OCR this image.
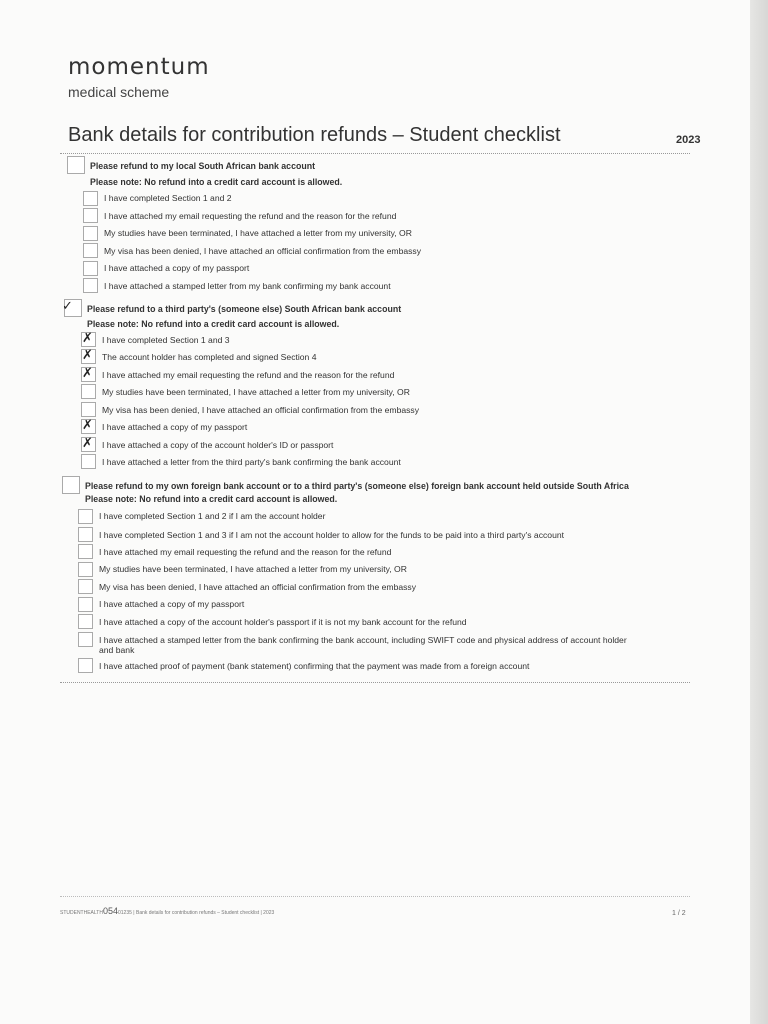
momentum
medical scheme
Bank details for contribution refunds – Student checklist	2023
Please refund to my local South African bank account
Please note: No refund into a credit card account is allowed.
I have completed Section 1 and 2
I have attached my email requesting the refund and the reason for the refund
My studies have been terminated, I have attached a letter from my university, OR
My visa has been denied, I have attached an official confirmation from the embassy
I have attached a copy of my passport
I have attached a stamped letter from my bank confirming my bank account
✓ Please refund to a third party's (someone else) South African bank account
Please note: No refund into a credit card account is allowed.
✗ I have completed Section 1 and 3
✗ The account holder has completed and signed Section 4
✗ I have attached my email requesting the refund and the reason for the refund
My studies have been terminated, I have attached a letter from my university, OR
My visa has been denied, I have attached an official confirmation from the embassy
✗ I have attached a copy of my passport
✗ I have attached a copy of the account holder's ID or passport
I have attached a letter from the third party's bank confirming the bank account
Please refund to my own foreign bank account or to a third party's (someone else) foreign bank account held outside South Africa
Please note: No refund into a credit card account is allowed.
I have completed Section 1 and 2 if I am the account holder
I have completed Section 1 and 3 if I am not the account holder to allow for the funds to be paid into a third party's account
I have attached my email requesting the refund and the reason for the refund
My studies have been terminated, I have attached a letter from my university, OR
My visa has been denied, I have attached an official confirmation from the embassy
I have attached a copy of my passport
I have attached a copy of the account holder's passport if it is not my bank account for the refund
I have attached a stamped letter from the bank confirming the bank account, including SWIFT code and physical address of account holder
and bank
I have attached proof of payment (bank statement) confirming that the payment was made from a foreign account
STUDENTHEALTH05401235 | Bank details for contribution refunds – Student checklist | 2023	1 / 2
